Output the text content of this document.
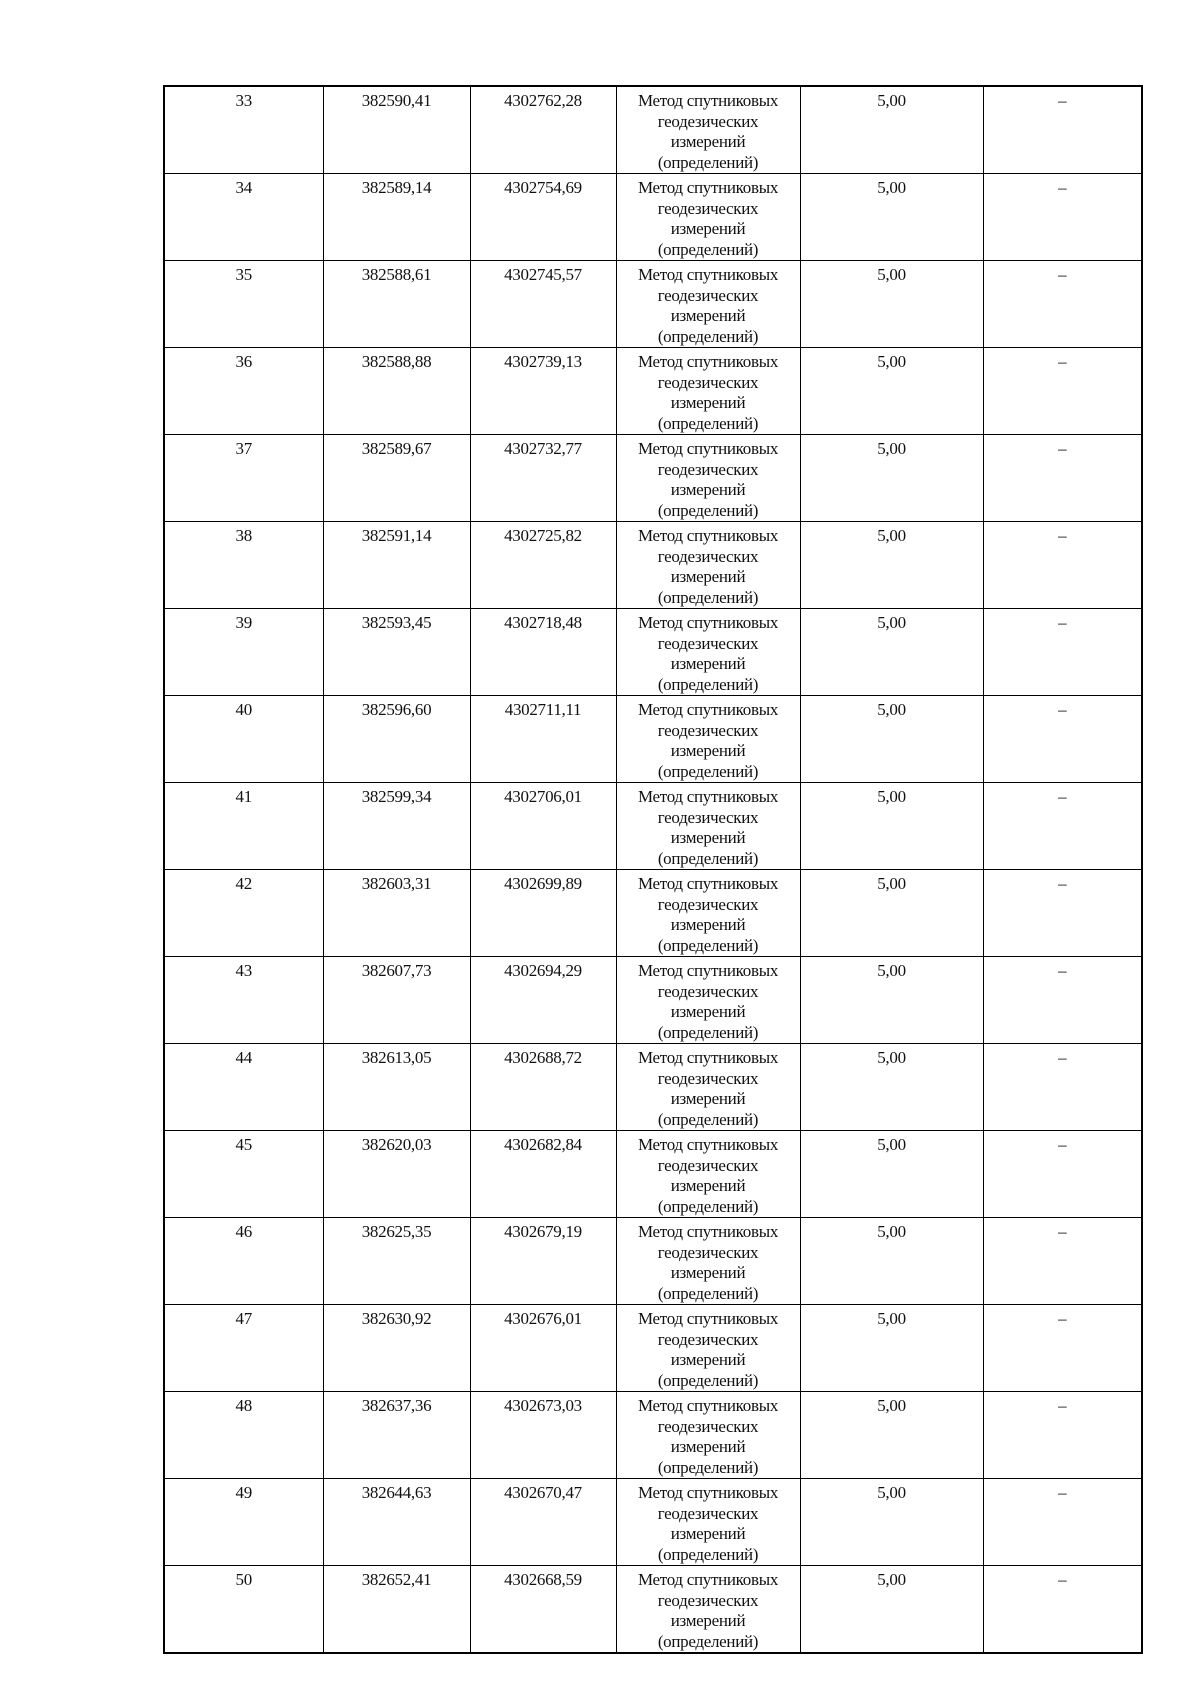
33	382590,41	4302762,28	Метод спутниковых геодезических измерений (определений)	5,00	–

34	382589,14	4302754,69	Метод спутниковых геодезических измерений (определений)	5,00	–

35	382588,61	4302745,57	Метод спутниковых геодезических измерений (определений)	5,00	–

36	382588,88	4302739,13	Метод спутниковых геодезических измерений (определений)	5,00	–

37	382589,67	4302732,77	Метод спутниковых геодезических измерений (определений)	5,00	–

38	382591,14	4302725,82	Метод спутниковых геодезических измерений (определений)	5,00	–

39	382593,45	4302718,48	Метод спутниковых геодезических измерений (определений)	5,00	–

40	382596,60	4302711,11	Метод спутниковых геодезических измерений (определений)	5,00	–

41	382599,34	4302706,01	Метод спутниковых геодезических измерений (определений)	5,00	–

42	382603,31	4302699,89	Метод спутниковых геодезических измерений (определений)	5,00	–

43	382607,73	4302694,29	Метод спутниковых геодезических измерений (определений)	5,00	–

44	382613,05	4302688,72	Метод спутниковых геодезических измерений (определений)	5,00	–

45	382620,03	4302682,84	Метод спутниковых геодезических измерений (определений)	5,00	–

46	382625,35	4302679,19	Метод спутниковых геодезических измерений (определений)	5,00	–

47	382630,92	4302676,01	Метод спутниковых геодезических измерений (определений)	5,00	–

48	382637,36	4302673,03	Метод спутниковых геодезических измерений (определений)	5,00	–

49	382644,63	4302670,47	Метод спутниковых геодезических измерений (определений)	5,00	–

50	382652,41	4302668,59	Метод спутниковых геодезических измерений (определений)	5,00	–
